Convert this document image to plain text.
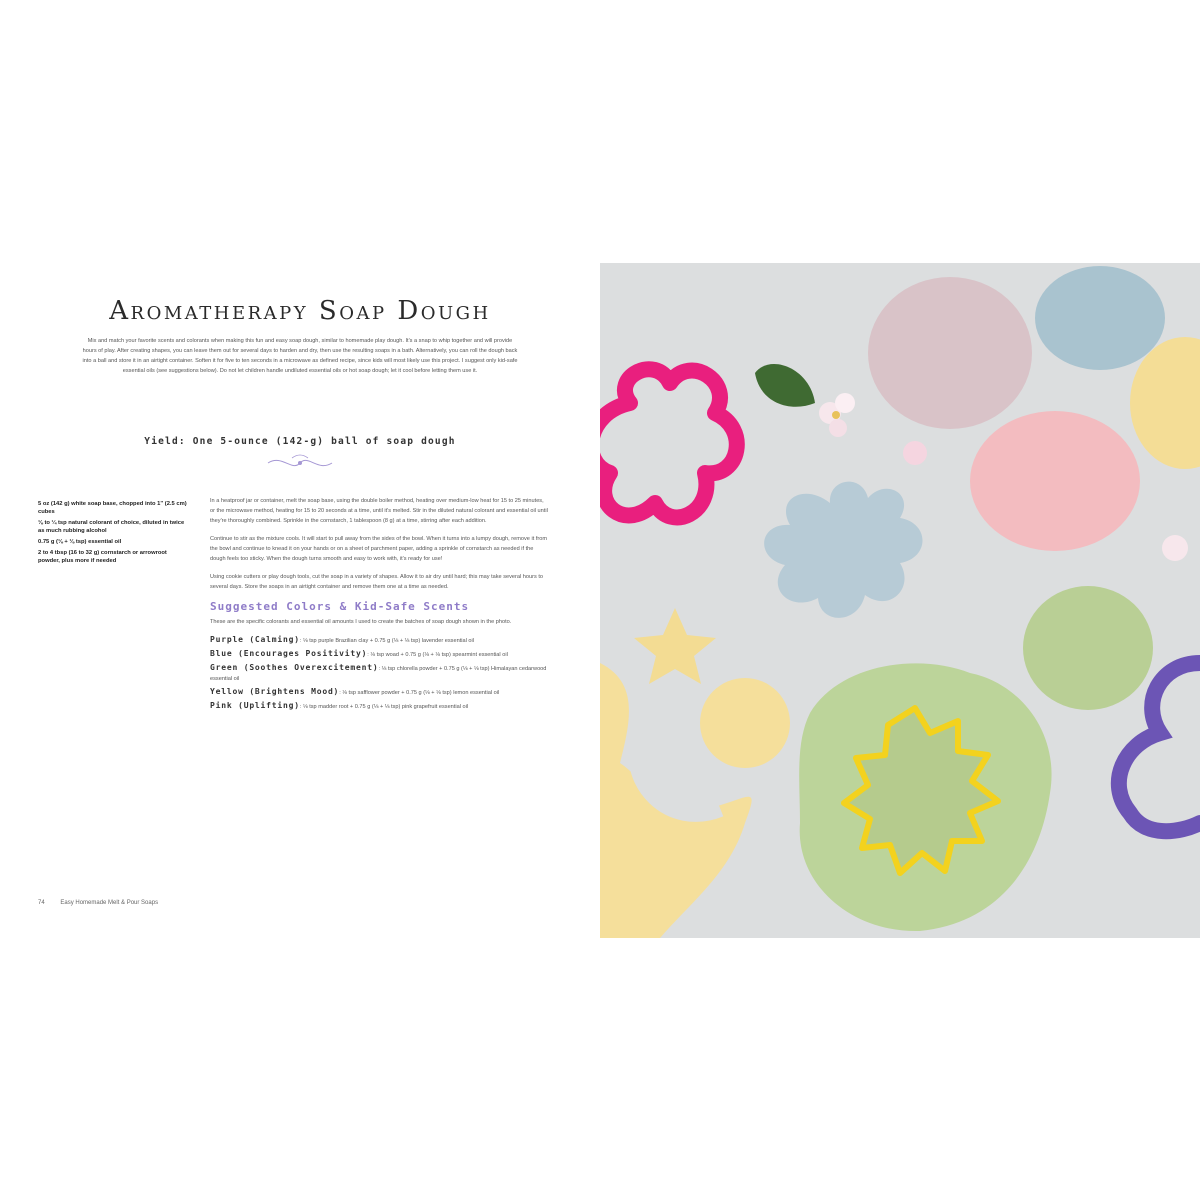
Aromatherapy Soap Dough

Mix and match your favorite scents and colorants when making this fun and easy soap dough, similar to homemade play dough. It's a snap to whip together and will provide hours of play. After creating shapes, you can leave them out for several days to harden and dry, then use the resulting soaps in a bath. Alternatively, you can roll the dough back into a ball and store it in an airtight container. Soften it for five to ten seconds in a microwave as defined recipe, since kids will most likely use this project. I suggest only kid-safe essential oils (see suggestions below). Do not let children handle undiluted essential oils or hot soap dough; let it cool before letting them use it.

Yield: One 5-ounce (142-g) ball of soap dough
5 oz (142 g) white soap base, chopped into 1" (2.5 cm) cubes
⅛ to ¼ tsp natural colorant of choice, diluted in twice as much rubbing alcohol
0.75 g (⅛ + ⅛ tsp) essential oil
2 to 4 tbsp (16 to 32 g) cornstarch or arrowroot powder, plus more if needed

In a heatproof jar or container, melt the soap base, using the double boiler method, heating over medium-low heat for 15 to 25 minutes, or the microwave method, heating for 15 to 20 seconds at a time, until it's melted. Stir in the diluted natural colorant and essential oil until they're thoroughly combined. Sprinkle in the cornstarch, 1 tablespoon (8 g) at a time, stirring after each addition.

Continue to stir as the mixture cools. It will start to pull away from the sides of the bowl. When it turns into a lumpy dough, remove it from the bowl and continue to knead it on your hands or on a sheet of parchment paper, adding a sprinkle of cornstarch as needed if the dough feels too sticky. When the dough turns smooth and easy to work with, it's ready for use!

Using cookie cutters or play dough tools, cut the soap in a variety of shapes. Allow it to air dry until hard; this may take several hours to several days. Store the soaps in an airtight container and remove them one at a time as needed.

Suggested Colors & Kid-Safe Scents

These are the specific colorants and essential oil amounts I used to create the batches of soap dough shown in the photo.

Purple (Calming): ⅛ tsp purple Brazilian clay + 0.75 g (⅛ + ⅛ tsp) lavender essential oil
Blue (Encourages Positivity): ⅛ tsp woad + 0.75 g (⅛ + ⅛ tsp) spearmint essential oil
Green (Soothes Overexcitement): ⅛ tsp chlorella powder + 0.75 g (⅛ + ⅛ tsp) Himalayan cedarwood essential oil
Yellow (Brightens Mood): ⅛ tsp safflower powder + 0.75 g (⅛ + ⅛ tsp) lemon essential oil
Pink (Uplifting): ⅛ tsp madder root + 0.75 g (⅛ + ⅛ tsp) pink grapefruit essential oil
74	Easy Homemade Melt & Pour Soaps
